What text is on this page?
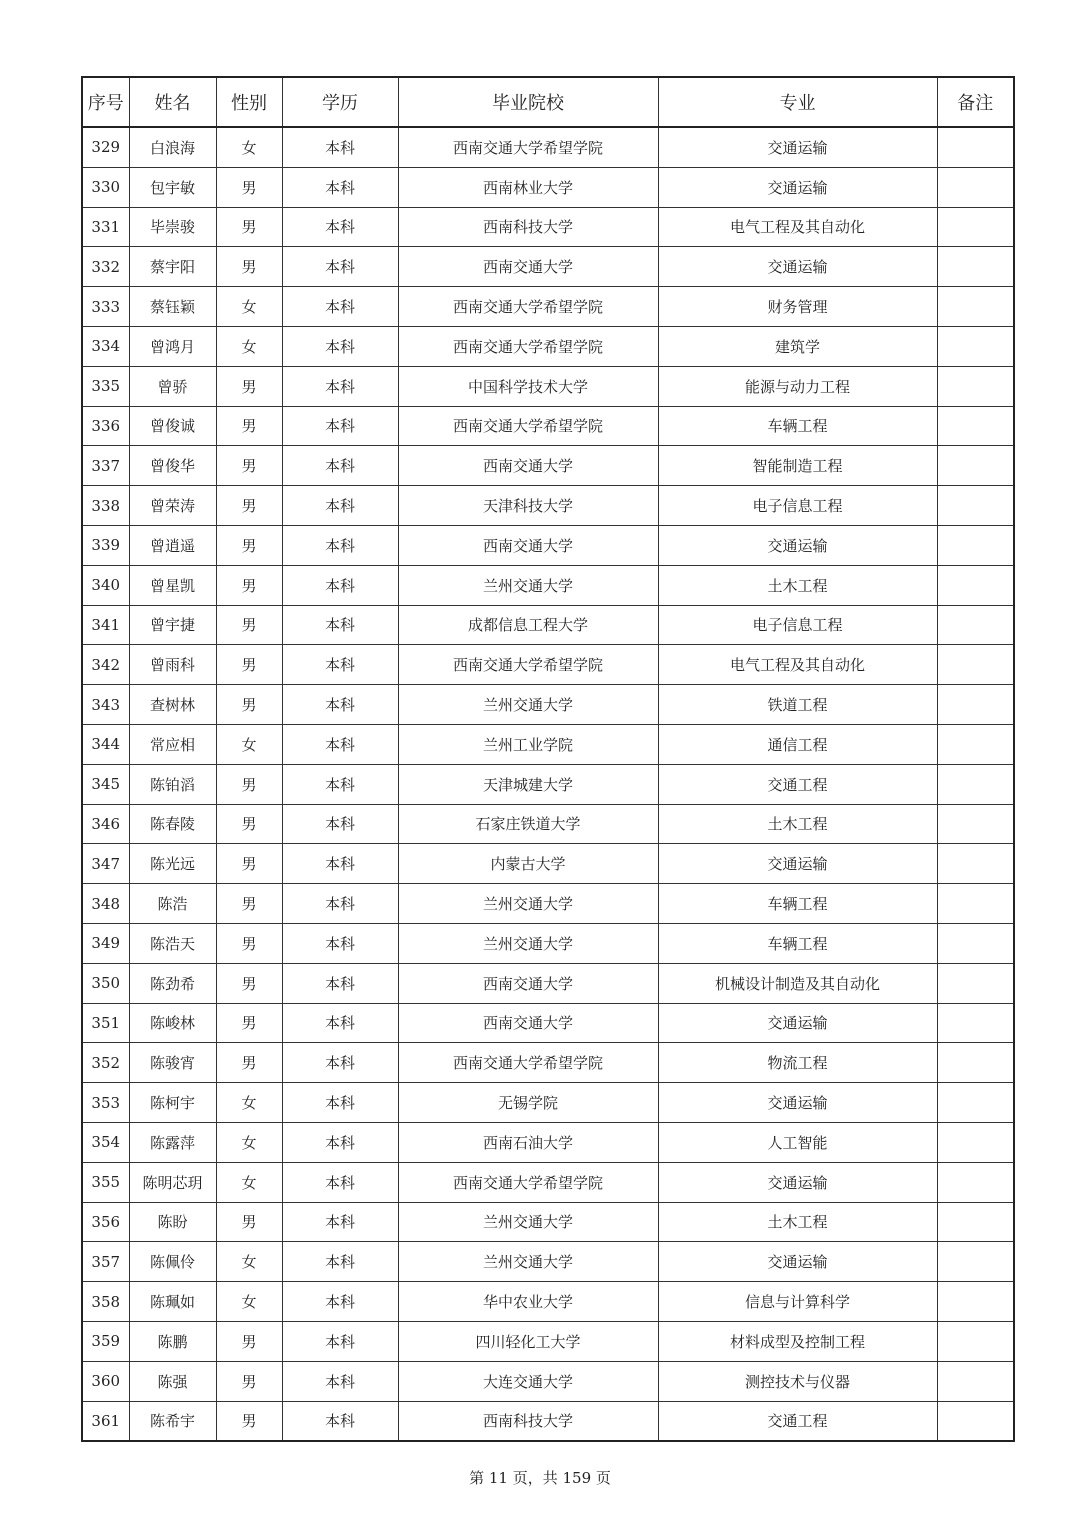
序号	姓名	性别	学历	毕业院校	专业	备注
329	白浪海	女	本科	西南交通大学希望学院	交通运输	
330	包宇敏	男	本科	西南林业大学	交通运输	
331	毕崇骏	男	本科	西南科技大学	电气工程及其自动化	
332	蔡宇阳	男	本科	西南交通大学	交通运输	
333	蔡钰颖	女	本科	西南交通大学希望学院	财务管理	
334	曾鸿月	女	本科	西南交通大学希望学院	建筑学	
335	曾骄	男	本科	中国科学技术大学	能源与动力工程	
336	曾俊诚	男	本科	西南交通大学希望学院	车辆工程	
337	曾俊华	男	本科	西南交通大学	智能制造工程	
338	曾荣涛	男	本科	天津科技大学	电子信息工程	
339	曾逍遥	男	本科	西南交通大学	交通运输	
340	曾星凯	男	本科	兰州交通大学	土木工程	
341	曾宇捷	男	本科	成都信息工程大学	电子信息工程	
342	曾雨科	男	本科	西南交通大学希望学院	电气工程及其自动化	
343	查树林	男	本科	兰州交通大学	铁道工程	
344	常应相	女	本科	兰州工业学院	通信工程	
345	陈铂滔	男	本科	天津城建大学	交通工程	
346	陈春陵	男	本科	石家庄铁道大学	土木工程	
347	陈光远	男	本科	内蒙古大学	交通运输	
348	陈浩	男	本科	兰州交通大学	车辆工程	
349	陈浩天	男	本科	兰州交通大学	车辆工程	
350	陈劲希	男	本科	西南交通大学	机械设计制造及其自动化	
351	陈峻林	男	本科	西南交通大学	交通运输	
352	陈骏宵	男	本科	西南交通大学希望学院	物流工程	
353	陈柯宇	女	本科	无锡学院	交通运输	
354	陈露萍	女	本科	西南石油大学	人工智能	
355	陈明芯玥	女	本科	西南交通大学希望学院	交通运输	
356	陈盼	男	本科	兰州交通大学	土木工程	
357	陈佩伶	女	本科	兰州交通大学	交通运输	
358	陈珮如	女	本科	华中农业大学	信息与计算科学	
359	陈鹏	男	本科	四川轻化工大学	材料成型及控制工程	
360	陈强	男	本科	大连交通大学	测控技术与仪器	
361	陈希宇	男	本科	西南科技大学	交通工程	
第 11 页，共 159 页
